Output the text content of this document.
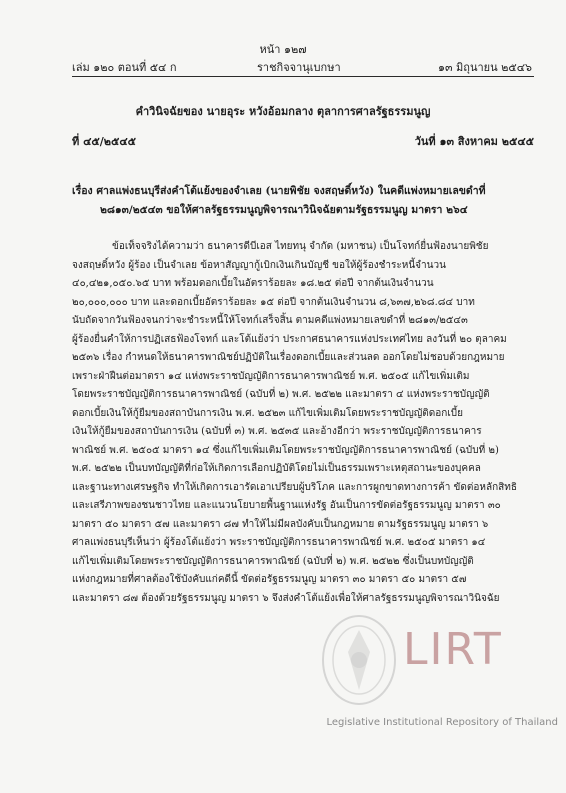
หน้า ๑๒๗
เล่ม ๑๒๐ ตอนที่ ๕๔ ก	ราชกิจจานุเบกษา	๑๓ มิถุนายน ๒๕๔๖
คำวินิจฉัยของ นายอุระ หวังอ้อมกลาง ตุลาการศาลรัฐธรรมนูญ
ที่ ๔๕/๒๕๔๕	วันที่ ๑๓ สิงหาคม ๒๕๔๕
เรื่อง ศาลแพ่งธนบุรีส่งคำโต้แย้งของจำเลย (นายพิชัย จงสฤษดิ์หวัง) ในคดีแพ่งหมายเลขดำที่
๒๘๑๓/๒๕๔๓ ขอให้ศาลรัฐธรรมนูญพิจารณาวินิจฉัยตามรัฐธรรมนูญ มาตรา ๒๖๔
ข้อเท็จจริงได้ความว่า ธนาคารดีบีเอส ไทยทนุ จำกัด (มหาชน) เป็นโจทก์ยื่นฟ้องนายพิชัย
จงสฤษดิ์หวัง ผู้ร้อง เป็นจำเลย ข้อหาสัญญากู้เบิกเงินเกินบัญชี ขอให้ผู้ร้องชำระหนี้จำนวน
๔๐,๔๒๑,๐๕๐.๖๕ บาท พร้อมดอกเบี้ยในอัตราร้อยละ ๑๘.๒๕ ต่อปี จากต้นเงินจำนวน
๒๐,๐๐๐,๐๐๐ บาท และดอกเบี้ยอัตราร้อยละ ๑๕ ต่อปี จากต้นเงินจำนวน ๘,๖๓๗,๒๖๘.๘๔ บาท
นับถัดจากวันฟ้องจนกว่าจะชำระหนี้ให้โจทก์เสร็จสิ้น ตามคดีแพ่งหมายเลขดำที่ ๒๘๑๓/๒๕๔๓
ผู้ร้องยื่นคำให้การปฏิเสธฟ้องโจทก์ และโต้แย้งว่า ประกาศธนาคารแห่งประเทศไทย ลงวันที่ ๒๐ ตุลาคม
๒๕๓๖ เรื่อง กำหนดให้ธนาคารพาณิชย์ปฏิบัติในเรื่องดอกเบี้ยและส่วนลด ออกโดยไม่ชอบด้วยกฎหมาย
เพราะฝ่าฝืนต่อมาตรา ๑๔ แห่งพระราชบัญญัติการธนาคารพาณิชย์ พ.ศ. ๒๕๐๕ แก้ไขเพิ่มเติม
โดยพระราชบัญญัติการธนาคารพาณิชย์ (ฉบับที่ ๒) พ.ศ. ๒๕๒๒ และมาตรา ๔ แห่งพระราชบัญญัติ
ดอกเบี้ยเงินให้กู้ยืมของสถาบันการเงิน พ.ศ. ๒๕๒๓ แก้ไขเพิ่มเติมโดยพระราชบัญญัติดอกเบี้ย
เงินให้กู้ยืมของสถาบันการเงิน (ฉบับที่ ๓) พ.ศ. ๒๕๓๕ และอ้างอีกว่า พระราชบัญญัติการธนาคาร
พาณิชย์ พ.ศ. ๒๕๐๕ มาตรา ๑๔ ซึ่งแก้ไขเพิ่มเติมโดยพระราชบัญญัติการธนาคารพาณิชย์ (ฉบับที่ ๒)
พ.ศ. ๒๕๒๒ เป็นบทบัญญัติที่ก่อให้เกิดการเลือกปฏิบัติโดยไม่เป็นธรรมเพราะเหตุสถานะของบุคคล
และฐานะทางเศรษฐกิจ ทำให้เกิดการเอารัดเอาเปรียบผู้บริโภค และการผูกขาดทางการค้า ขัดต่อหลักสิทธิ
และเสรีภาพของชนชาวไทย และแนวนโยบายพื้นฐานแห่งรัฐ อันเป็นการขัดต่อรัฐธรรมนูญ มาตรา ๓๐
มาตรา ๕๐ มาตรา ๕๗ และมาตรา ๘๗ ทำให้ไม่มีผลบังคับเป็นกฎหมาย ตามรัฐธรรมนูญ มาตรา ๖
ศาลแพ่งธนบุรีเห็นว่า ผู้ร้องโต้แย้งว่า พระราชบัญญัติการธนาคารพาณิชย์ พ.ศ. ๒๕๐๕ มาตรา ๑๔
แก้ไขเพิ่มเติมโดยพระราชบัญญัติการธนาคารพาณิชย์ (ฉบับที่ ๒) พ.ศ. ๒๕๒๒ ซึ่งเป็นบทบัญญัติ
แห่งกฎหมายที่ศาลต้องใช้บังคับแก่คดีนี้ ขัดต่อรัฐธรรมนูญ มาตรา ๓๐ มาตรา ๕๐ มาตรา ๕๗
และมาตรา ๘๗ ต้องด้วยรัฐธรรมนูญ มาตรา ๖ จึงส่งคำโต้แย้งเพื่อให้ศาลรัฐธรรมนูญพิจารณาวินิจฉัย
LIRT
Legislative Institutional Repository of Thailand
